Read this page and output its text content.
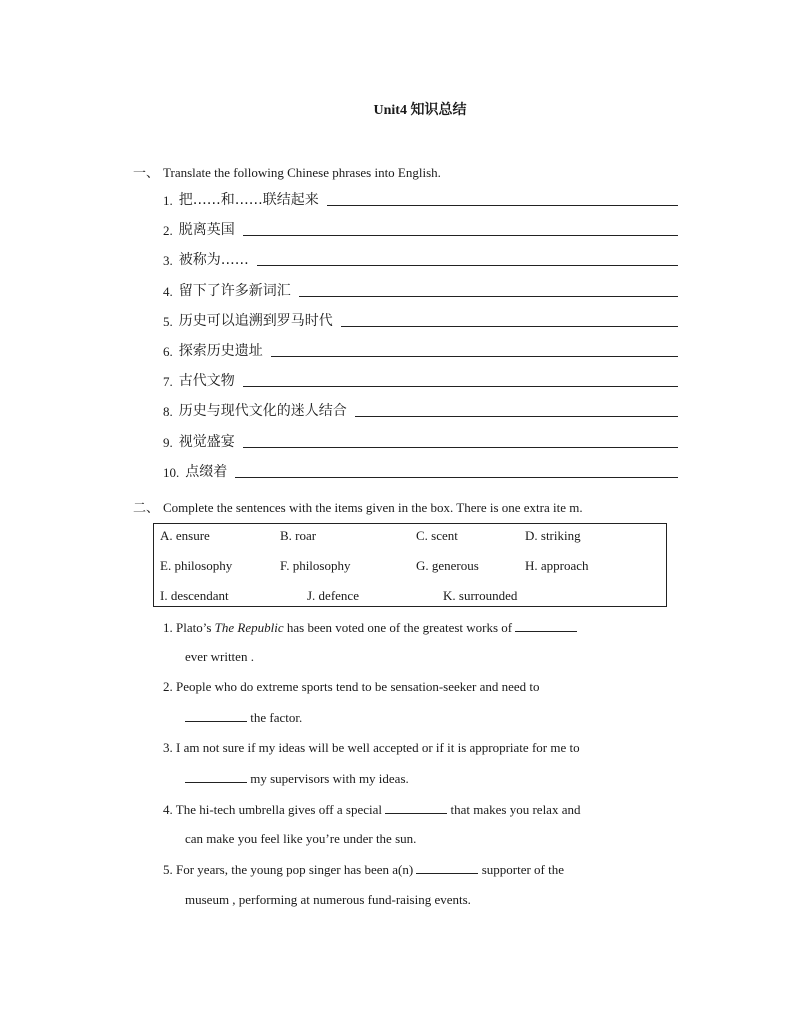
Unit4 知识总结
一、 Translate the following Chinese phrases into English.
1. 把……和……联结起来
2. 脱离英国
3. 被称为……
4. 留下了许多新词汇
5. 历史可以追溯到罗马时代
6. 探索历史遗址
7. 古代文物
8. 历史与现代文化的迷人结合
9. 视觉盛宴
10. 点缀着
二、 Complete the sentences with the items given in the box. There is one extra ite m.
A. ensure	B. roar	C. scent	D. striking
E. philosophy	F. philosophy	G. generous	H. approach
I. descendant	J. defence	K. surrounded
1. Plato’s The Republic has been voted one of the greatest works of
ever written .
2. People who do extreme sports tend to be sensation-seeker and need to
the factor.
3. I am not sure if my ideas will be well accepted or if it is appropriate for me to
my supervisors with my ideas.
4. The hi-tech umbrella gives off a special	that makes you relax and
can make you feel like you’re under the sun.
5. For years, the young pop singer has been a(n)	supporter of the
museum , performing at numerous fund-raising events.
